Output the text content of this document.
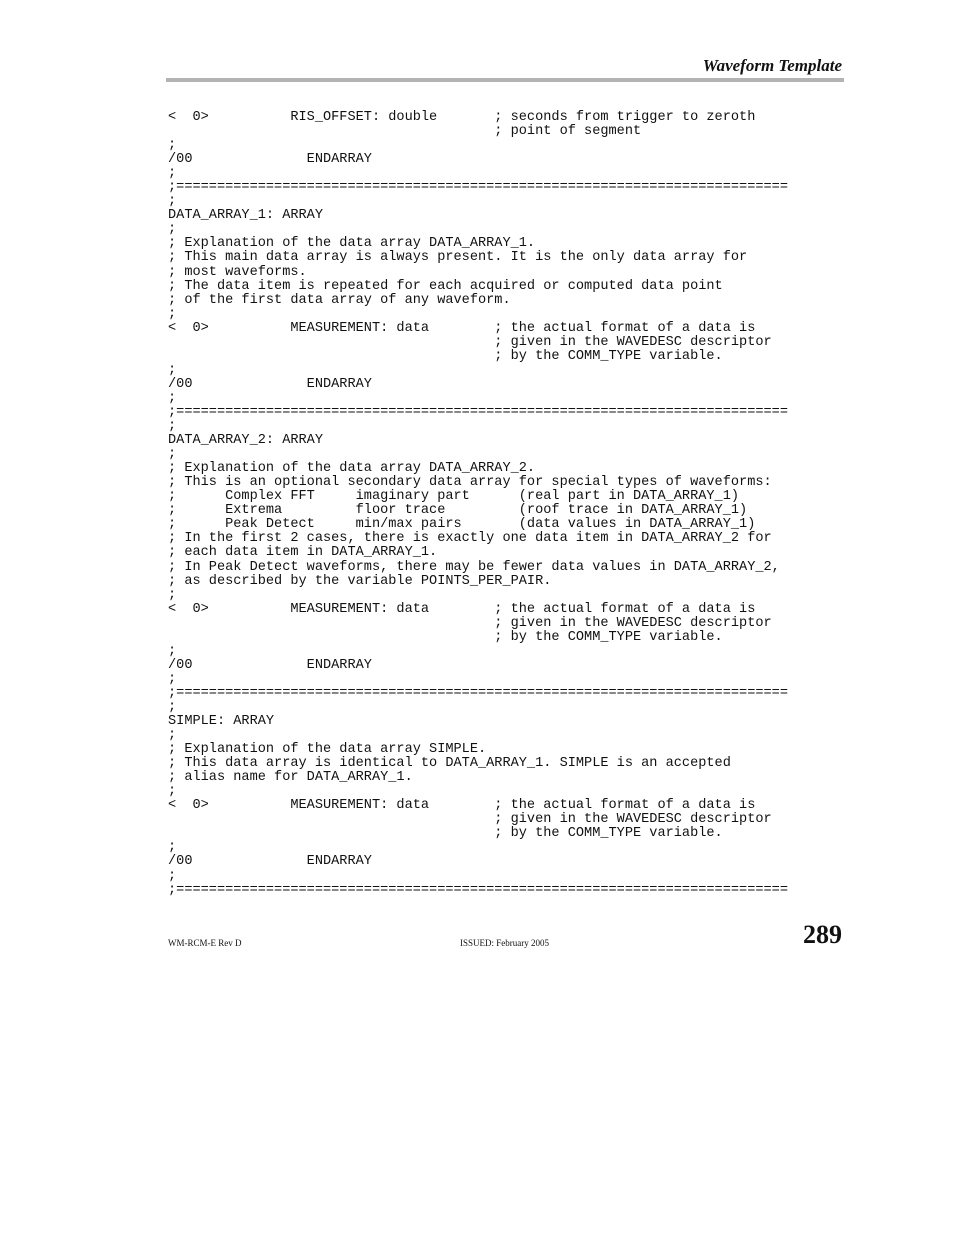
Waveform Template
<  0>          RIS_OFFSET: double       ; seconds from trigger to zeroth
; point of segment
;
/00              ENDARRAY
;
;===========================================================================
;
DATA_ARRAY_1: ARRAY
;
; Explanation of the data array DATA_ARRAY_1.
; This main data array is always present. It is the only data array for
; most waveforms.
; The data item is repeated for each acquired or computed data point
; of the first data array of any waveform.
;
<  0>          MEASUREMENT: data        ; the actual format of a data is
; given in the WAVEDESC descriptor
; by the COMM_TYPE variable.
;
/00              ENDARRAY
;
;===========================================================================
;
DATA_ARRAY_2: ARRAY
;
; Explanation of the data array DATA_ARRAY_2.
; This is an optional secondary data array for special types of waveforms:
;      Complex FFT     imaginary part      (real part in DATA_ARRAY_1)
;      Extrema         floor trace         (roof trace in DATA_ARRAY_1)
;      Peak Detect     min/max pairs       (data values in DATA_ARRAY_1)
; In the first 2 cases, there is exactly one data item in DATA_ARRAY_2 for
; each data item in DATA_ARRAY_1.
; In Peak Detect waveforms, there may be fewer data values in DATA_ARRAY_2,
; as described by the variable POINTS_PER_PAIR.
;
<  0>          MEASUREMENT: data        ; the actual format of a data is
; given in the WAVEDESC descriptor
; by the COMM_TYPE variable.
;
/00              ENDARRAY
;
;===========================================================================
;
SIMPLE: ARRAY
;
; Explanation of the data array SIMPLE.
; This data array is identical to DATA_ARRAY_1. SIMPLE is an accepted
; alias name for DATA_ARRAY_1.
;
<  0>          MEASUREMENT: data        ; the actual format of a data is
; given in the WAVEDESC descriptor
; by the COMM_TYPE variable.
;
/00              ENDARRAY
;
;===========================================================================
WM-RCM-E Rev D	ISSUED: February 2005	289
